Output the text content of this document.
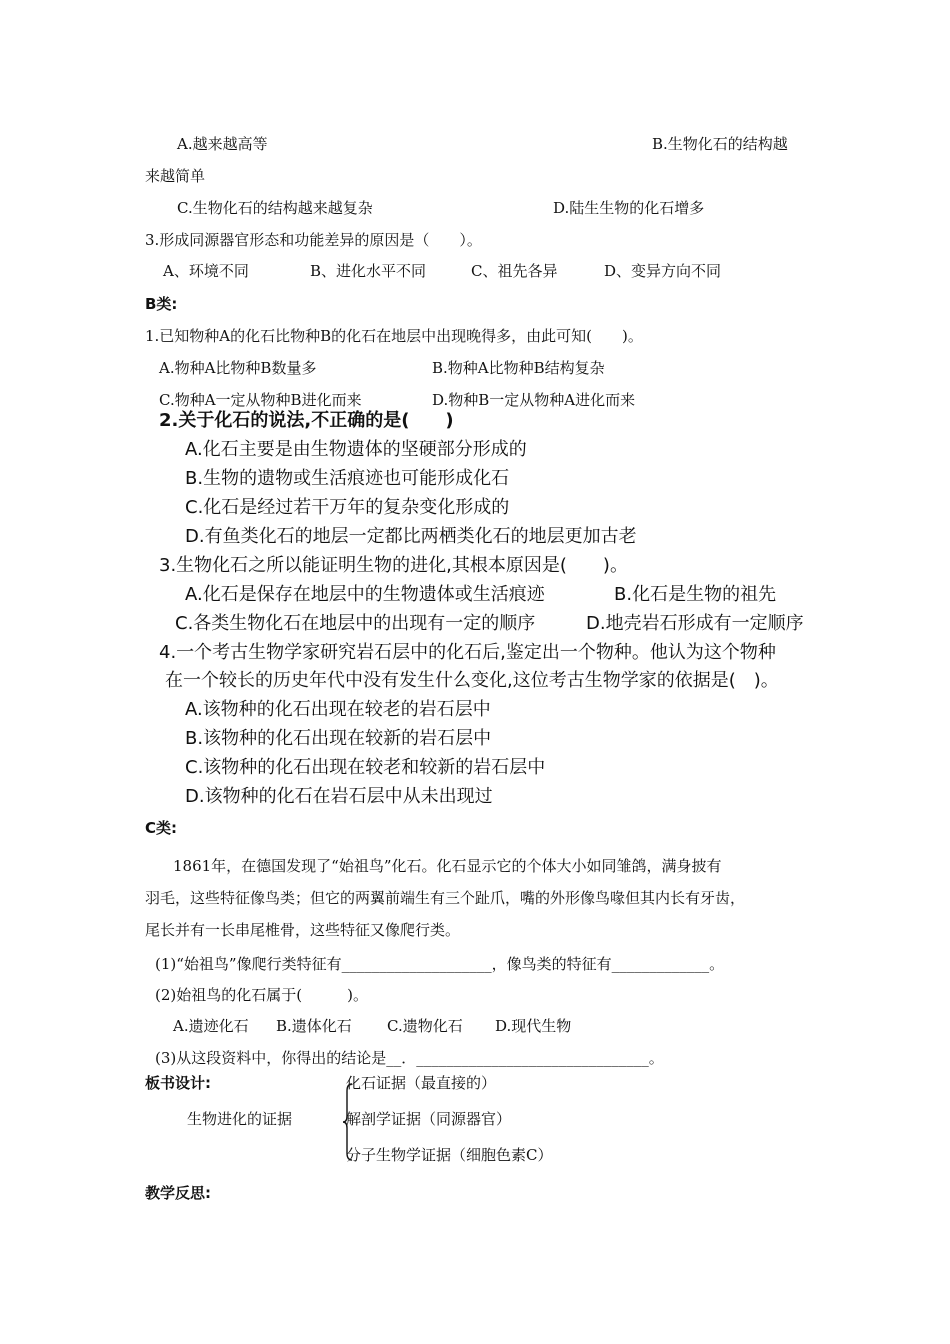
A.越来越高等	B.生物化石的结构越
来越简单
C.生物化石的结构越来越复杂	D.陆生生物的化石增多
3.形成同源器官形态和功能差异的原因是（　　）。
A、环境不同	B、进化水平不同	C、祖先各异	D、变异方向不同
B类:
1.已知物种A的化石比物种B的化石在地层中出现晚得多，由此可知(　　)。
A.物种A比物种B数量多	B.物种A比物种B结构复杂
C.物种A一定从物种B进化而来	D.物种B一定从物种A进化而来
2.关于化石的说法,不正确的是(　　)
A.化石主要是由生物遗体的坚硬部分形成的
B.生物的遗物或生活痕迹也可能形成化石
C.化石是经过若干万年的复杂变化形成的
D.有鱼类化石的地层一定都比两栖类化石的地层更加古老
3.生物化石之所以能证明生物的进化,其根本原因是(　　)。
A.化石是保存在地层中的生物遗体或生活痕迹	B.化石是生物的祖先
C.各类生物化石在地层中的出现有一定的顺序	D.地壳岩石形成有一定顺序
4.一个考古生物学家研究岩石层中的化石后,鉴定出一个物种。他认为这个物种
在一个较长的历史年代中没有发生什么变化,这位考古生物学家的依据是(　)。
A.该物种的化石出现在较老的岩石层中
B.该物种的化石出现在较新的岩石层中
C.该物种的化石出现在较老和较新的岩石层中
D.该物种的化石在岩石层中从未出现过
C类:
1861年，在德国发现了“始祖鸟”化石。化石显示它的个体大小如同雏鸽，满身披有
羽毛，这些特征像鸟类；但它的两翼前端生有三个趾爪，嘴的外形像鸟喙但其内长有牙齿，
尾长并有一长串尾椎骨，这些特征又像爬行类。
(1)“始祖鸟”像爬行类特征有____________________，像鸟类的特征有_____________。
(2)始祖鸟的化石属于(　　　)。
A.遗迹化石 B.遗体化石 C.遗物化石 D.现代生物
(3)从这段资料中，你得出的结论是__．_______________________________。
板书设计:	化石证据（最直接的）
生物进化的证据	解剖学证据（同源器官）
分子生物学证据（细胞色素C）
教学反思:
